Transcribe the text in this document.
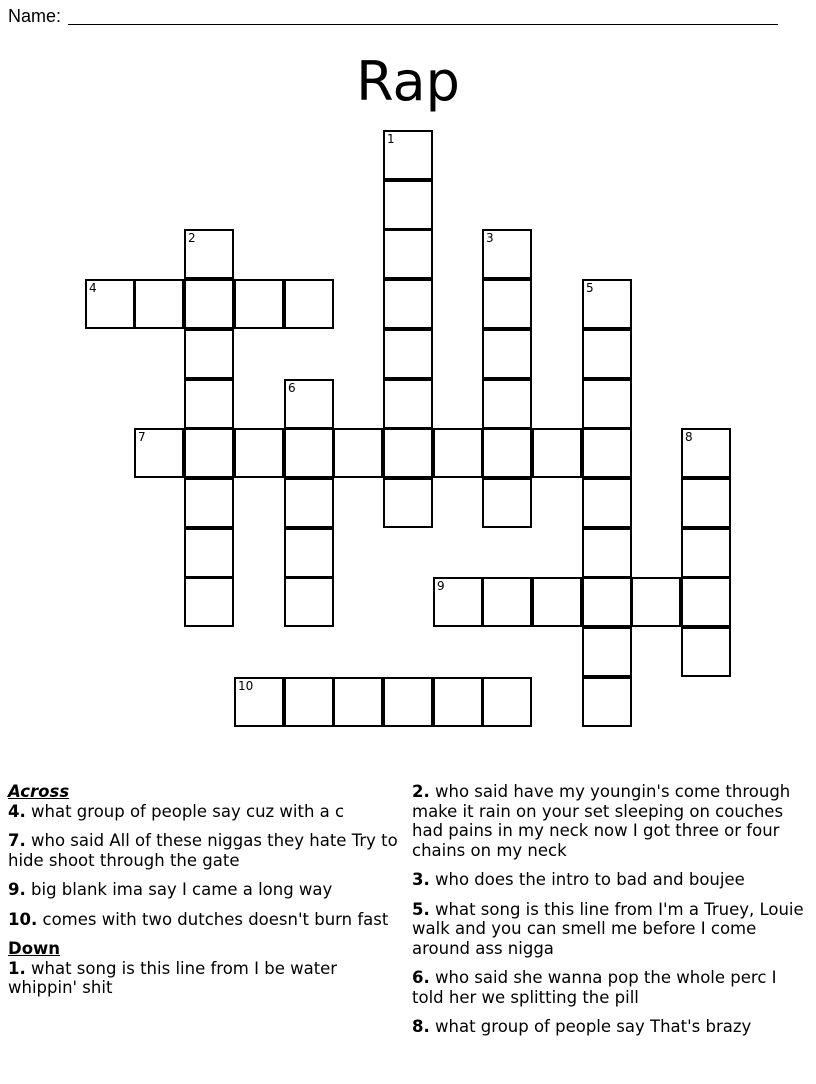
Name:
Rap
1
2	3
4	5
6
7	8
9
10
Across
4. what group of people say cuz with a c
7. who said All of these niggas they hate Try to hide shoot through the gate
9. big blank ima say I came a long way
10. comes with two dutches doesn't burn fast
Down
1. what song is this line from I be water whippin' shit
2. who said have my youngin's come through make it rain on your set sleeping on couches had pains in my neck now I got three or four chains on my neck
3. who does the intro to bad and boujee
5. what song is this line from I'm a Truey, Louie walk and you can smell me before I come around ass nigga
6. who said she wanna pop the whole perc I told her we splitting the pill
8. what group of people say That's brazy
